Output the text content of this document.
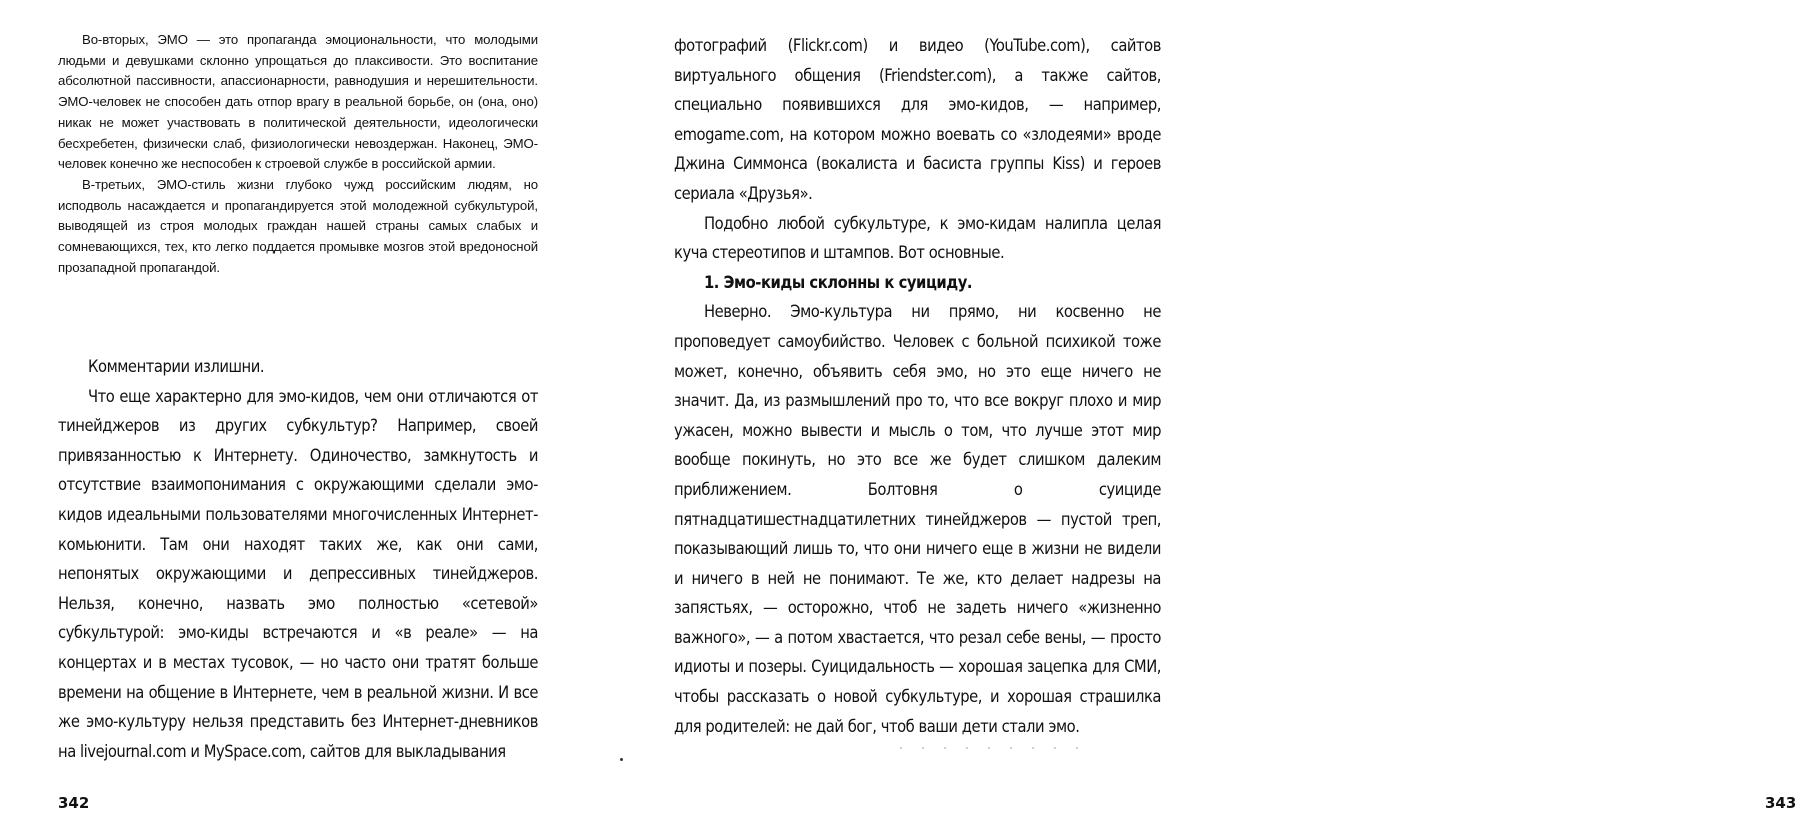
Во-вторых, ЭМО — это пропаганда эмоциональности, что молодыми людьми и девушками склонно упрощаться до плаксивости. Это воспитание абсолютной пассивности, апассионарности, равнодушия и нерешительности. ЭМО-человек не способен дать отпор врагу в реальной борьбе, он (она, оно) никак не может участвовать в политической деятельности, идеологически бесхребетен, физически слаб, физиологически невоздержан. Наконец, ЭМО-человек конечно же неспособен к строевой службе в российской армии.

В-третьих, ЭМО-стиль жизни глубоко чужд российским людям, но исподволь насаждается и пропагандируется этой молодежной субкультурой, выводящей из строя молодых граждан нашей страны самых слабых и сомневающихся, тех, кто легко поддается промывке мозгов этой вредоносной прозападной пропагандой.

Комментарии излишни.

Что еще характерно для эмо-кидов, чем они отличаются от тинейджеров из других субкультур? Например, своей привязанностью к Интернету. Одиночество, замкнутость и отсутствие взаимопонимания с окружающими сделали эмо-кидов идеальными пользователями многочисленных Интернет-комьюнити. Там они находят таких же, как они сами, непонятых окружающими и депрессивных тинейджеров. Нельзя, конечно, назвать эмо полностью «сетевой» субкультурой: эмо-киды встречаются и «в реале» — на концертах и в местах тусовок, — но часто они тратят больше времени на общение в Интернете, чем в реальной жизни. И все же эмо-культуру нельзя представить без Интернет-дневников на livejournal.com и MySpace.com, сайтов для выкладывания

342

фотографий (Flickr.com) и видео (YouTube.com), сайтов виртуального общения (Friendster.com), а также сайтов, специально появившихся для эмо-кидов, — например, emogame.com, на котором можно воевать со «злодеями» вроде Джина Симмонса (вокалиста и басиста группы Kiss) и героев сериала «Друзья».

Подобно любой субкультуре, к эмо-кидам налипла целая куча стереотипов и штампов. Вот основные.

1. Эмо-киды склонны к суициду.

Неверно. Эмо-культура ни прямо, ни косвенно не проповедует самоубийство. Человек с больной психикой тоже может, конечно, объявить себя эмо, но это еще ничего не значит. Да, из размышлений про то, что все вокруг плохо и мир ужасен, можно вывести и мысль о том, что лучше этот мир вообще покинуть, но это все же будет слишком далеким приближением. Болтовня о суициде пятнадцатишестнадцатилетних тинейджеров — пустой треп, показывающий лишь то, что они ничего еще в жизни не видели и ничего в ней не понимают. Те же, кто делает надрезы на запястьях, — осторожно, чтоб не задеть ничего «жизненно важного», — а потом хвастается, что резал себе вены, — просто идиоты и позеры. Суицидальность — хорошая зацепка для СМИ, чтобы рассказать о новой субкультуре, и хорошая страшилка для родителей: не дай бог, чтоб ваши дети стали эмо.

343
